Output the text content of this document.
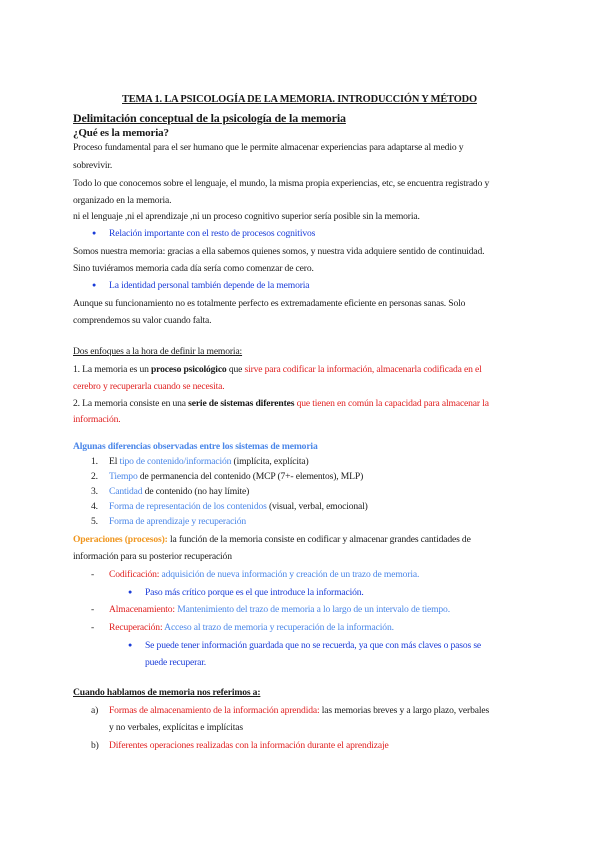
TEMA 1. LA PSICOLOGÍA DE LA MEMORIA. INTRODUCCIÓN Y MÉTODO
Delimitación conceptual de la psicología de la memoria
¿Qué es la memoria?
Proceso fundamental para el ser humano que le permite almacenar experiencias para adaptarse al medio y
sobrevivir.
Todo lo que conocemos sobre el lenguaje, el mundo, la misma propia experiencias, etc, se encuentra registrado y
organizado en la memoria.
ni el lenguaje ,ni el aprendizaje ,ni un proceso cognitivo superior sería posible sin la memoria.
● Relación importante con el resto de procesos cognitivos
Somos nuestra memoria: gracias a ella sabemos quienes somos, y nuestra vida adquiere sentido de continuidad.
Sino tuviéramos memoria cada día sería como comenzar de cero.
● La identidad personal también depende de la memoria
Aunque su funcionamiento no es totalmente perfecto es extremadamente eficiente en personas sanas. Solo
comprendemos su valor cuando falta.
Dos enfoques a la hora de definir la memoria:
1. La memoria es un proceso psicológico que sirve para codificar la información, almacenarla codificada en el
cerebro y recuperarla cuando se necesita.
2. La memoria consiste en una serie de sistemas diferentes que tienen en común la capacidad para almacenar la
información.
Algunas diferencias observadas entre los sistemas de memoria
1. El tipo de contenido/información (implícita, explícita)
2. Tiempo de permanencia del contenido (MCP (7+- elementos), MLP)
3. Cantidad de contenido (no hay límite)
4. Forma de representación de los contenidos (visual, verbal, emocional)
5. Forma de aprendizaje y recuperación
Operaciones (procesos): la función de la memoria consiste en codificar y almacenar grandes cantidades de
información para su posterior recuperación
- Codificación: adquisición de nueva información y creación de un trazo de memoria.
● Paso más crítico porque es el que introduce la información.
- Almacenamiento: Mantenimiento del trazo de memoria a lo largo de un intervalo de tiempo.
- Recuperación: Acceso al trazo de memoria y recuperación de la información.
● Se puede tener información guardada que no se recuerda, ya que con más claves o pasos se
puede recuperar.
Cuando hablamos de memoria nos referimos a:
a) Formas de almacenamiento de la información aprendida: las memorias breves y a largo plazo, verbales
y no verbales, explícitas e implícitas
b) Diferentes operaciones realizadas con la información durante el aprendizaje
